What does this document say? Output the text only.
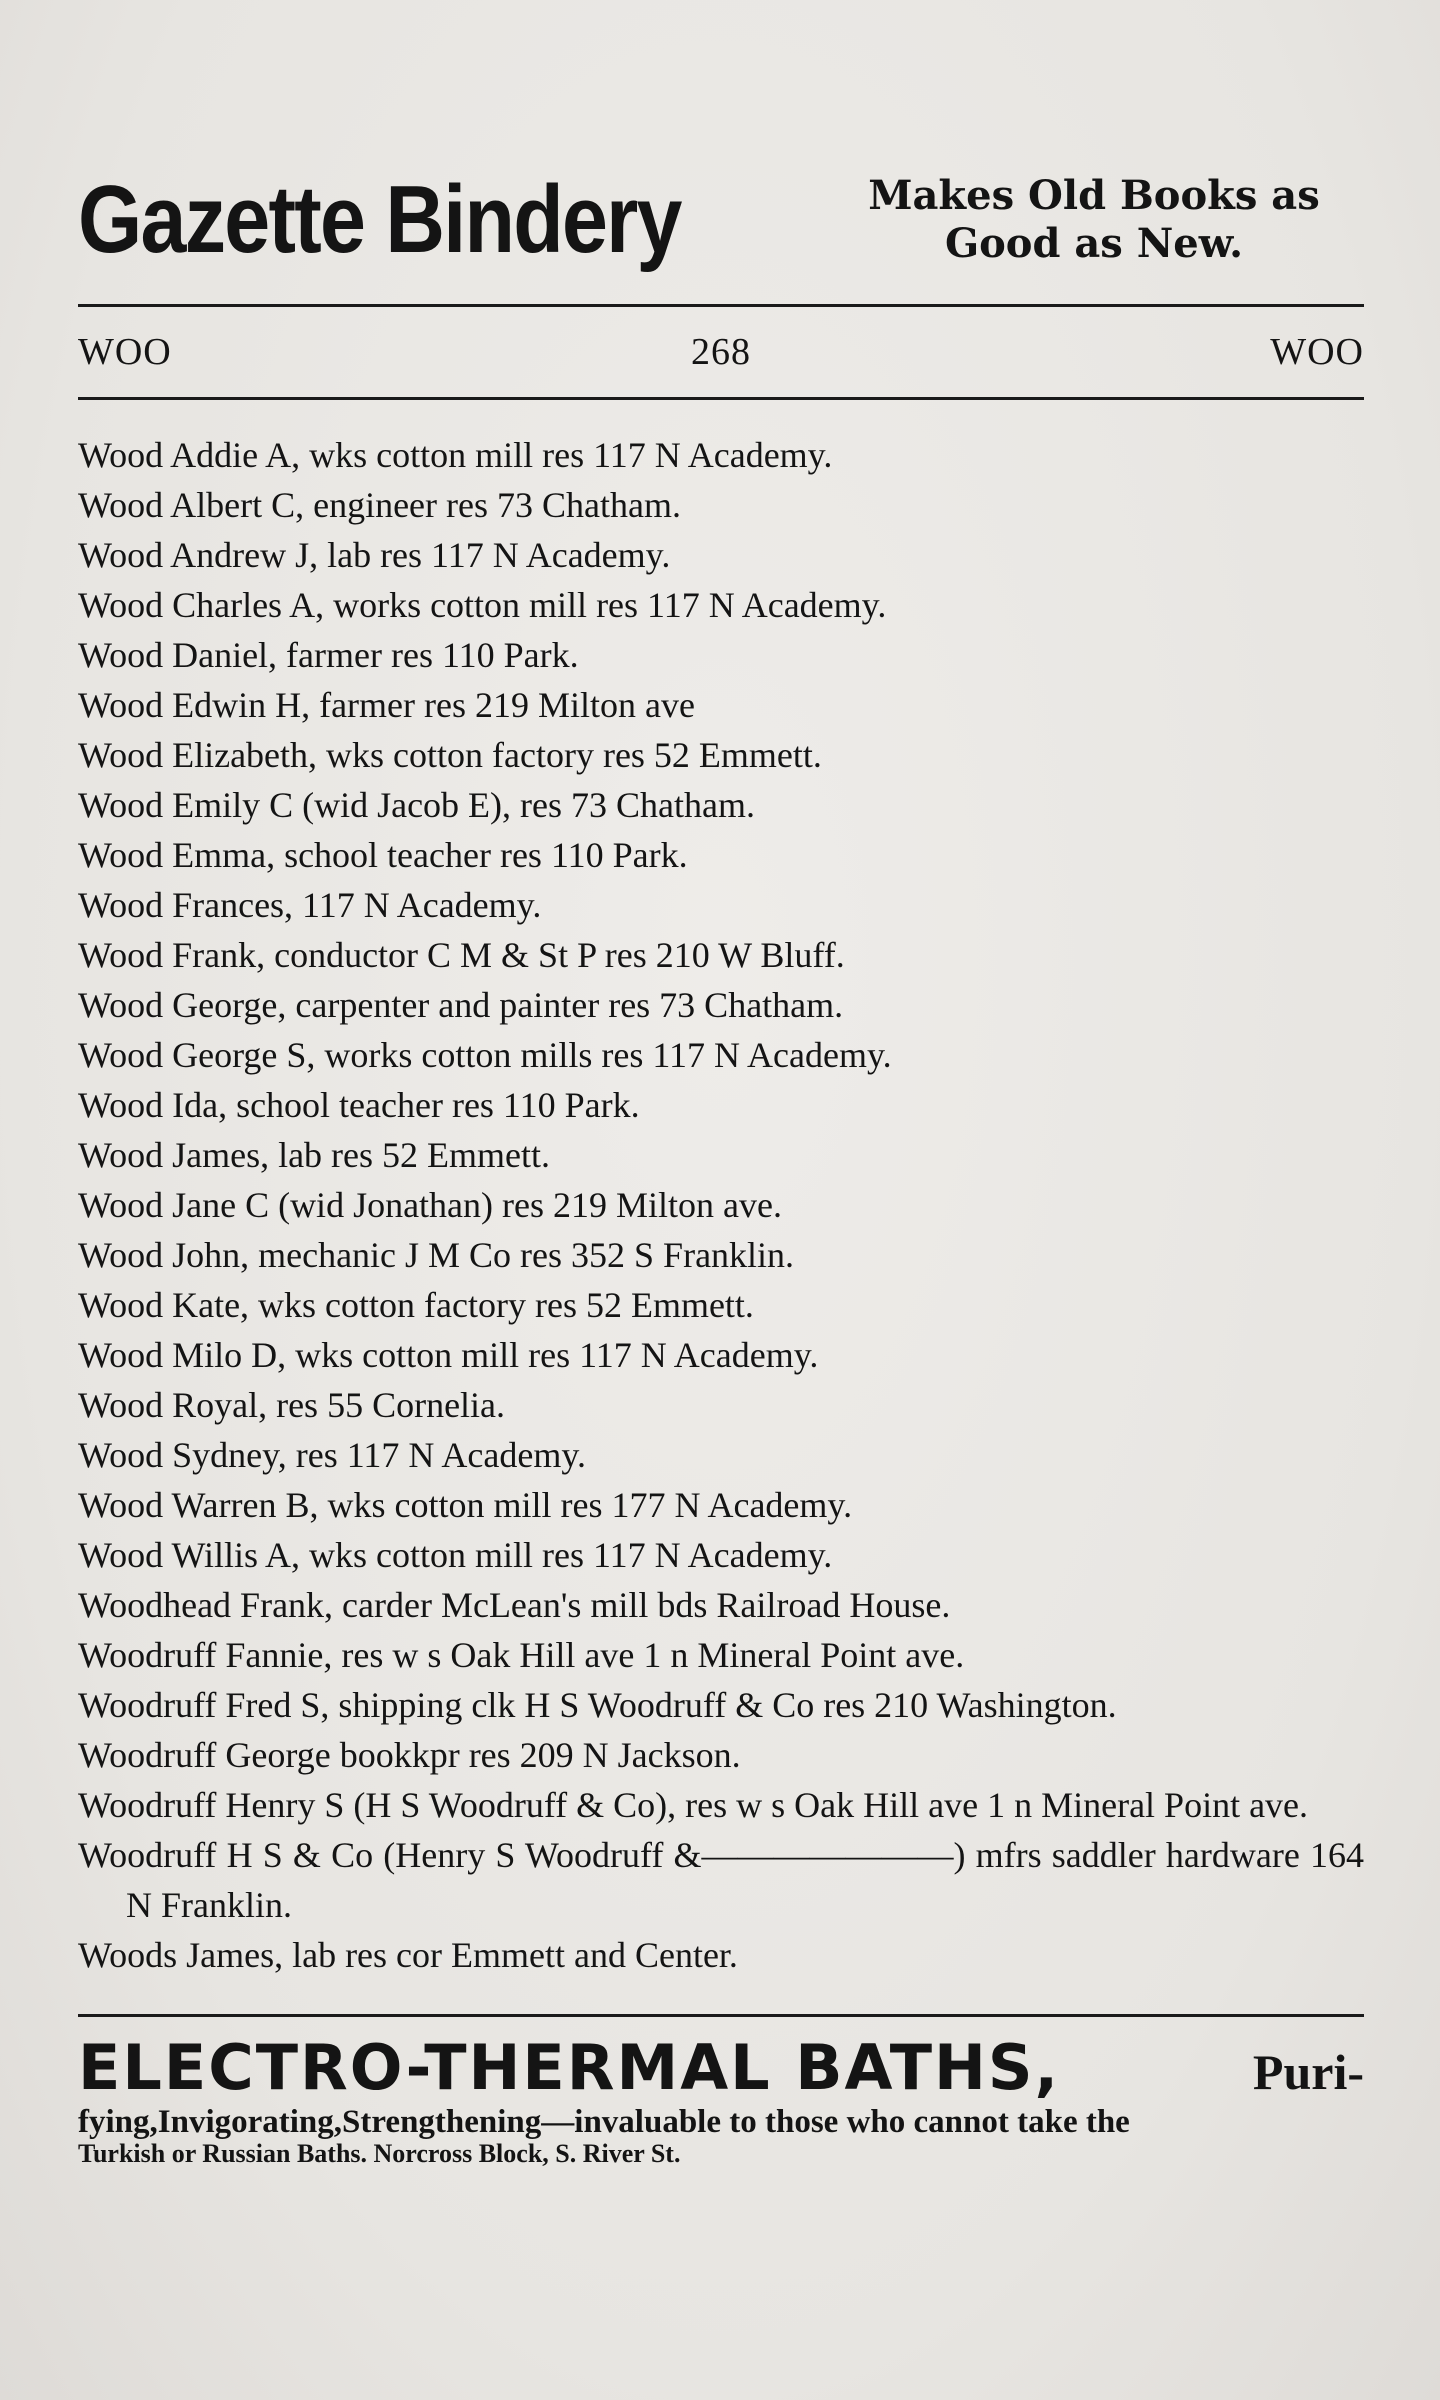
Gazette Bindery	Makes Old Books as
Good as New.
WOO	268	WOO
Wood Addie A, wks cotton mill res 117 N Academy.
Wood Albert C, engineer res 73 Chatham.
Wood Andrew J, lab res 117 N Academy.
Wood Charles A, works cotton mill res 117 N Academy.
Wood Daniel, farmer res 110 Park.
Wood Edwin H, farmer res 219 Milton ave
Wood Elizabeth, wks cotton factory res 52 Emmett.
Wood Emily C (wid Jacob E), res 73 Chatham.
Wood Emma, school teacher res 110 Park.
Wood Frances, 117 N Academy.
Wood Frank, conductor C M & St P res 210 W Bluff.
Wood George, carpenter and painter res 73 Chatham.
Wood George S, works cotton mills res 117 N Academy.
Wood Ida, school teacher res 110 Park.
Wood James, lab res 52 Emmett.
Wood Jane C (wid Jonathan) res 219 Milton ave.
Wood John, mechanic J M Co res 352 S Franklin.
Wood Kate, wks cotton factory res 52 Emmett.
Wood Milo D, wks cotton mill res 117 N Academy.
Wood Royal, res 55 Cornelia.
Wood Sydney, res 117 N Academy.
Wood Warren B, wks cotton mill res 177 N Academy.
Wood Willis A, wks cotton mill res 117 N Academy.
Woodhead Frank, carder McLean's mill bds Railroad House.
Woodruff Fannie, res w s Oak Hill ave 1 n Mineral Point ave.
Woodruff Fred S, shipping clk H S Woodruff & Co res 210 Washington.
Woodruff George bookkpr res 209 N Jackson.
Woodruff Henry S (H S Woodruff & Co), res w s Oak Hill ave 1 n Mineral Point ave.
Woodruff H S & Co (Henry S Woodruff &———————) mfrs saddler hardware 164 N Franklin.
Woods James, lab res cor Emmett and Center.
ELECTRO-THERMAL BATHS,	Puri-
fying,Invigorating,Strengthening—invaluable to those who cannot take the
Turkish or Russian Baths. Norcross Block, S. River St.
